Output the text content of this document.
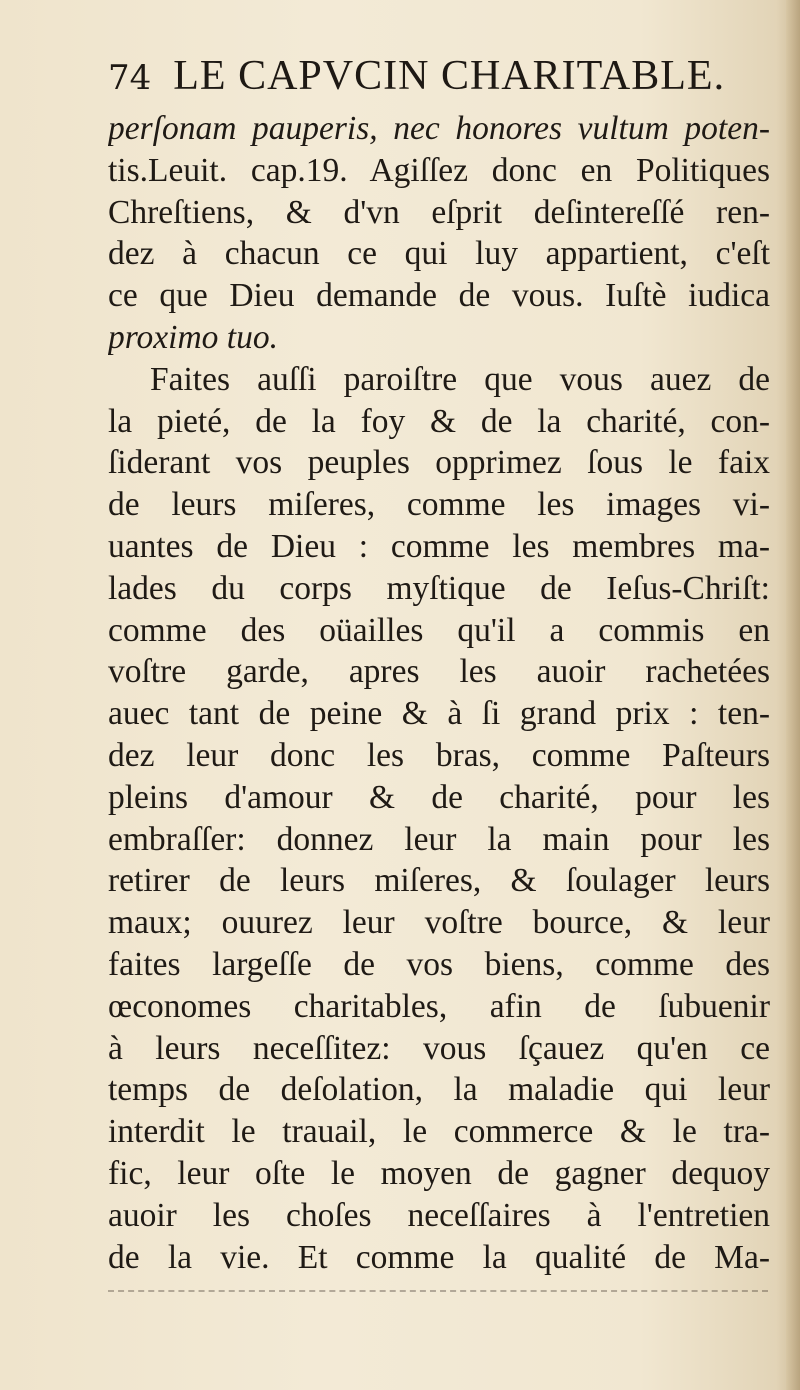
74 LE CAPVCIN CHARITABLE.
perſonam pauperis, nec honores vultum poten-
tis.Leuit. cap.19. Agiſſez donc en Politiques
Chreſtiens, & d'vn eſprit deſintereſſé ren-
dez à chacun ce qui luy appartient, c'eſt
ce que Dieu demande de vous. Iuſtè iudica
proximo tuo.
Faites auſſi paroiſtre que vous auez de
la pieté, de la foy & de la charité, con-
ſiderant vos peuples opprimez ſous le faix
de leurs miſeres, comme les images vi-
uantes de Dieu : comme les membres ma-
lades du corps myſtique de Ieſus-Chriſt:
comme des oüailles qu'il a commis en
voſtre garde, apres les auoir rachetées
auec tant de peine & à ſi grand prix : ten-
dez leur donc les bras, comme Paſteurs
pleins d'amour & de charité, pour les
embraſſer: donnez leur la main pour les
retirer de leurs miſeres, & ſoulager leurs
maux; ouurez leur voſtre bource, & leur
faites largeſſe de vos biens, comme des
œconomes charitables, afin de ſubuenir
à leurs neceſſitez: vous ſçauez qu'en ce
temps de deſolation, la maladie qui leur
interdit le trauail, le commerce & le tra-
fic, leur oſte le moyen de gagner dequoy
auoir les choſes neceſſaires à l'entretien
de la vie. Et comme la qualité de Ma-
